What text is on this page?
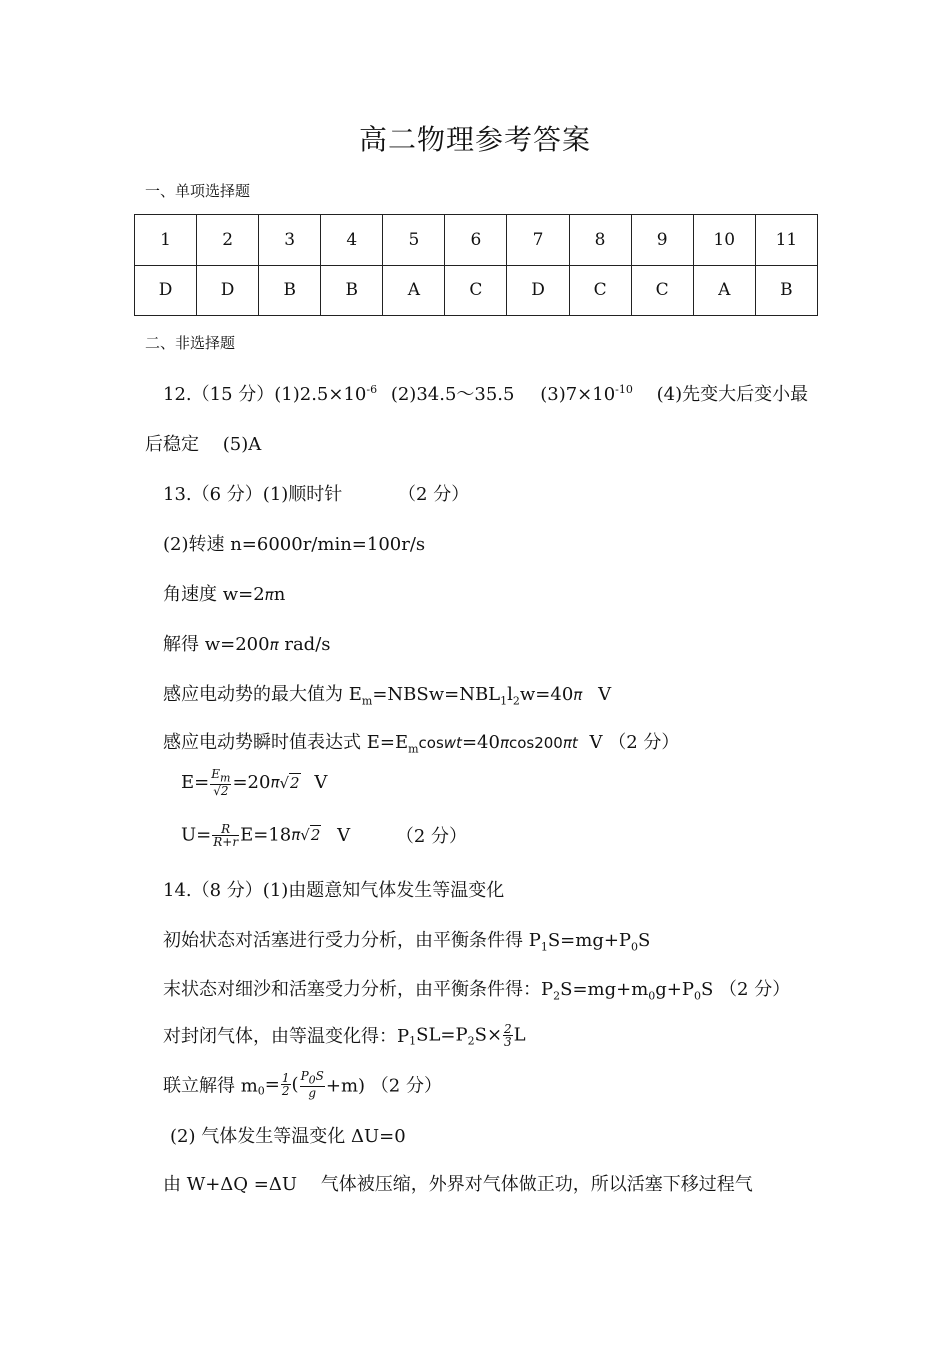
高二物理参考答案
一、单项选择题
1	2	3	4	5	6	7	8	9	10	11
D	D	B	B	A	C	D	C	C	A	B
二、非选择题
12.（15 分）$(1)2.5\times 10^{-6}$ (2)34.5～35.5 $(3)7\times 10^{-10}$ (4)先变大后变小最
后稳定　 (5)A
13.（6 分）(1)顺时针	（2 分）
(2)转速 n=6000r/min=100r/s
角速度 w=2πn
解得 w=200π rad/s
感应电动势的最大值为 $E_m=NBSw=NBL_1l_2w=40\pi$ V
感应电动势瞬时值表达式 $E=E_mcoswt=40\pi\cos 200\pi t$ V （2 分）
$E= \frac{E_m}{√2} =20\pi√2$ V
$U= \frac{R}{R+r} E=18\pi√2$ V	（2 分）
14.（8 分）(1)由题意知气体发生等温变化
初始状态对活塞进行受力分析，由平衡条件得 $P_1S=mg+P_0S$
末状态对细沙和活塞受力分析，由平衡条件得：$P_2S=mg+m_0g+P_0S$ （2 分）
对封闭气体，由等温变化得：$P_1SL=P_2S\times \frac{2}{3}$ L
联立解得 $m_0= \frac{1}{2}$ ( $\frac{P_0S}{g} +m$) （2 分）
(2) 气体发生等温变化 ΔU=0
由 W+ΔQ =ΔU　 气体被压缩，外界对气体做正功，所以活塞下移过程气
